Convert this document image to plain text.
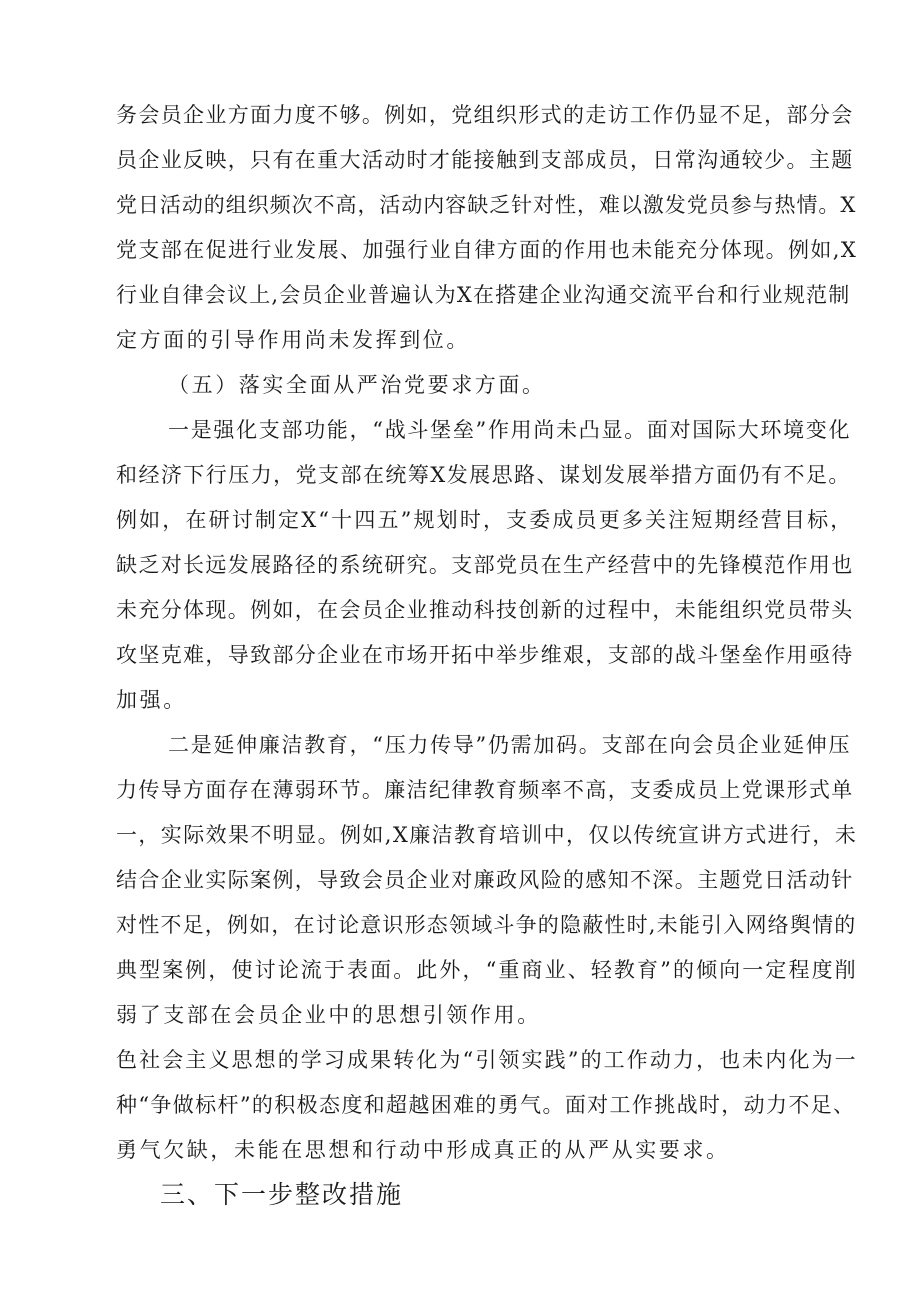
务会员企业方面力度不够。例如，党组织形式的走访工作仍显不足，部分会
员企业反映，只有在重大活动时才能接触到支部成员，日常沟通较少。主题
党日活动的组织频次不高，活动内容缺乏针对性，难以激发党员参与热情。X
党支部在促进行业发展、加强行业自律方面的作用也未能充分体现。例如,X
行业自律会议上,会员企业普遍认为X在搭建企业沟通交流平台和行业规范制
定方面的引导作用尚未发挥到位。
（五）落实全面从严治党要求方面。
一是强化支部功能，“战斗堡垒”作用尚未凸显。面对国际大环境变化
和经济下行压力，党支部在统筹X发展思路、谋划发展举措方面仍有不足。
例如，在研讨制定X“十四五”规划时，支委成员更多关注短期经营目标，
缺乏对长远发展路径的系统研究。支部党员在生产经营中的先锋模范作用也
未充分体现。例如，在会员企业推动科技创新的过程中，未能组织党员带头
攻坚克难，导致部分企业在市场开拓中举步维艰，支部的战斗堡垒作用亟待
加强。
二是延伸廉洁教育，“压力传导”仍需加码。支部在向会员企业延伸压
力传导方面存在薄弱环节。廉洁纪律教育频率不高，支委成员上党课形式单
一，实际效果不明显。例如,X廉洁教育培训中，仅以传统宣讲方式进行，未
结合企业实际案例，导致会员企业对廉政风险的感知不深。主题党日活动针
对性不足，例如，在讨论意识形态领域斗争的隐蔽性时,未能引入网络舆情的
典型案例，使讨论流于表面。此外，“重商业、轻教育”的倾向一定程度削
弱了支部在会员企业中的思想引领作用。
色社会主义思想的学习成果转化为“引领实践”的工作动力，也未内化为一
种“争做标杆”的积极态度和超越困难的勇气。面对工作挑战时，动力不足、
勇气欠缺，未能在思想和行动中形成真正的从严从实要求。
三、下一步整改措施
